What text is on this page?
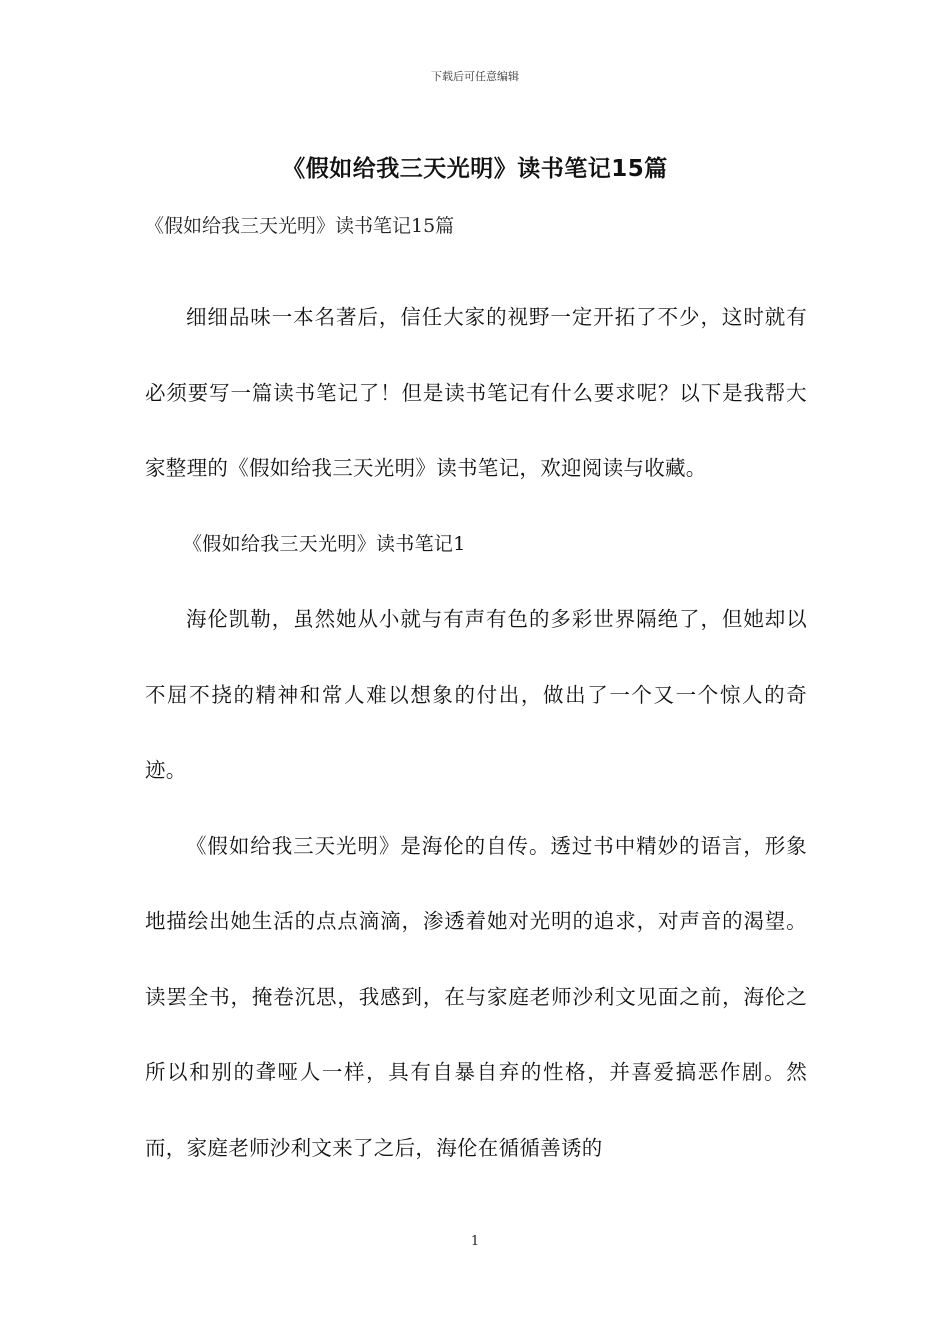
下载后可任意编辑
《假如给我三天光明》读书笔记15篇
《假如给我三天光明》读书笔记15篇

细细品味一本名著后，信任大家的视野一定开拓了不少，这时就有必须要写一篇读书笔记了！但是读书笔记有什么要求呢？以下是我帮大家整理的《假如给我三天光明》读书笔记，欢迎阅读与收藏。

《假如给我三天光明》读书笔记1

海伦凯勒，虽然她从小就与有声有色的多彩世界隔绝了，但她却以不屈不挠的精神和常人难以想象的付出，做出了一个又一个惊人的奇迹。

《假如给我三天光明》是海伦的自传。透过书中精妙的语言，形象地描绘出她生活的点点滴滴，渗透着她对光明的追求，对声音的渴望。读罢全书，掩卷沉思，我感到，在与家庭老师沙利文见面之前，海伦之所以和别的聋哑人一样，具有自暴自弃的性格，并喜爱搞恶作剧。然而，家庭老师沙利文来了之后，海伦在循循善诱的

1
